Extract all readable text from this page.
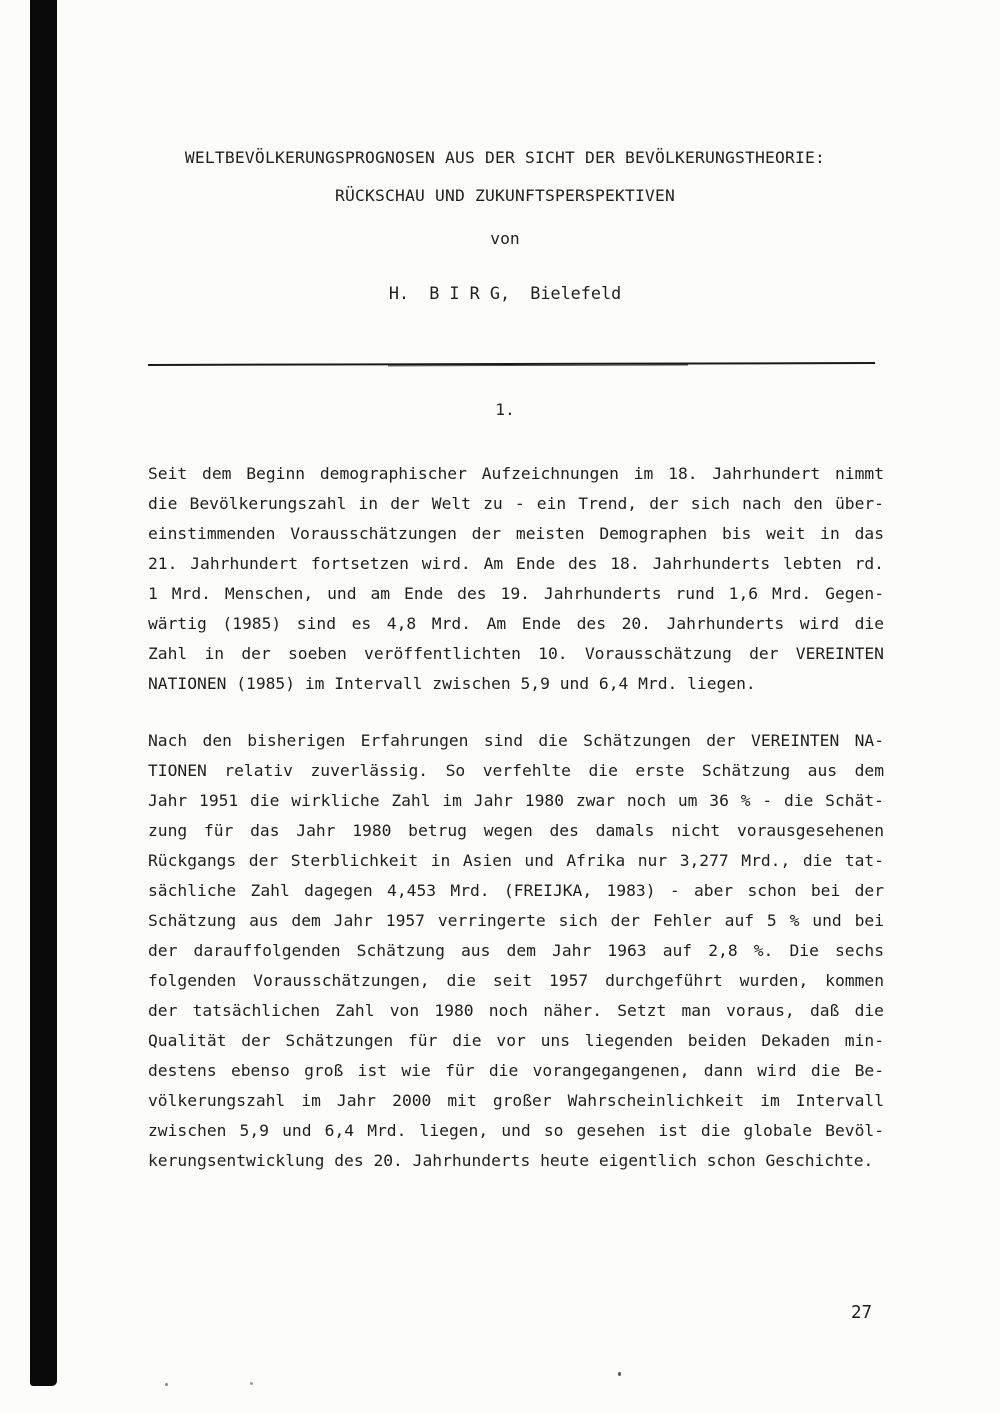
WELTBEVÖLKERUNGSPROGNOSEN AUS DER SICHT DER BEVÖLKERUNGSTHEORIE:
RÜCKSCHAU UND ZUKUNFTSPERSPEKTIVEN
von
H.  B I R G,  Bielefeld
1.
Seit dem Beginn demographischer Aufzeichnungen im 18. Jahrhundert nimmt
die Bevölkerungszahl in der Welt zu - ein Trend, der sich nach den über-
einstimmenden Vorausschätzungen der meisten Demographen bis weit in das
21. Jahrhundert fortsetzen wird. Am Ende des 18. Jahrhunderts lebten rd.
1 Mrd. Menschen, und am Ende des 19. Jahrhunderts rund 1,6 Mrd. Gegen-
wärtig (1985) sind es 4,8 Mrd. Am Ende des 20. Jahrhunderts wird die
Zahl in der soeben veröffentlichten 10. Vorausschätzung der VEREINTEN
NATIONEN (1985) im Intervall zwischen 5,9 und 6,4 Mrd. liegen.
Nach den bisherigen Erfahrungen sind die Schätzungen der VEREINTEN NA-
TIONEN relativ zuverlässig. So verfehlte die erste Schätzung aus dem
Jahr 1951 die wirkliche Zahl im Jahr 1980 zwar noch um 36 % - die Schät-
zung für das Jahr 1980 betrug wegen des damals nicht vorausgesehenen
Rückgangs der Sterblichkeit in Asien und Afrika nur 3,277 Mrd., die tat-
sächliche Zahl dagegen 4,453 Mrd. (FREIJKA, 1983) - aber schon bei der
Schätzung aus dem Jahr 1957 verringerte sich der Fehler auf 5 % und bei
der darauffolgenden Schätzung aus dem Jahr 1963 auf 2,8 %. Die sechs
folgenden Vorausschätzungen, die seit 1957 durchgeführt wurden, kommen
der tatsächlichen Zahl von 1980 noch näher. Setzt man voraus, daß die
Qualität der Schätzungen für die vor uns liegenden beiden Dekaden min-
destens ebenso groß ist wie für die vorangegangenen, dann wird die Be-
völkerungszahl im Jahr 2000 mit großer Wahrscheinlichkeit im Intervall
zwischen 5,9 und 6,4 Mrd. liegen, und so gesehen ist die globale Bevöl-
kerungsentwicklung des 20. Jahrhunderts heute eigentlich schon Geschichte.
27
